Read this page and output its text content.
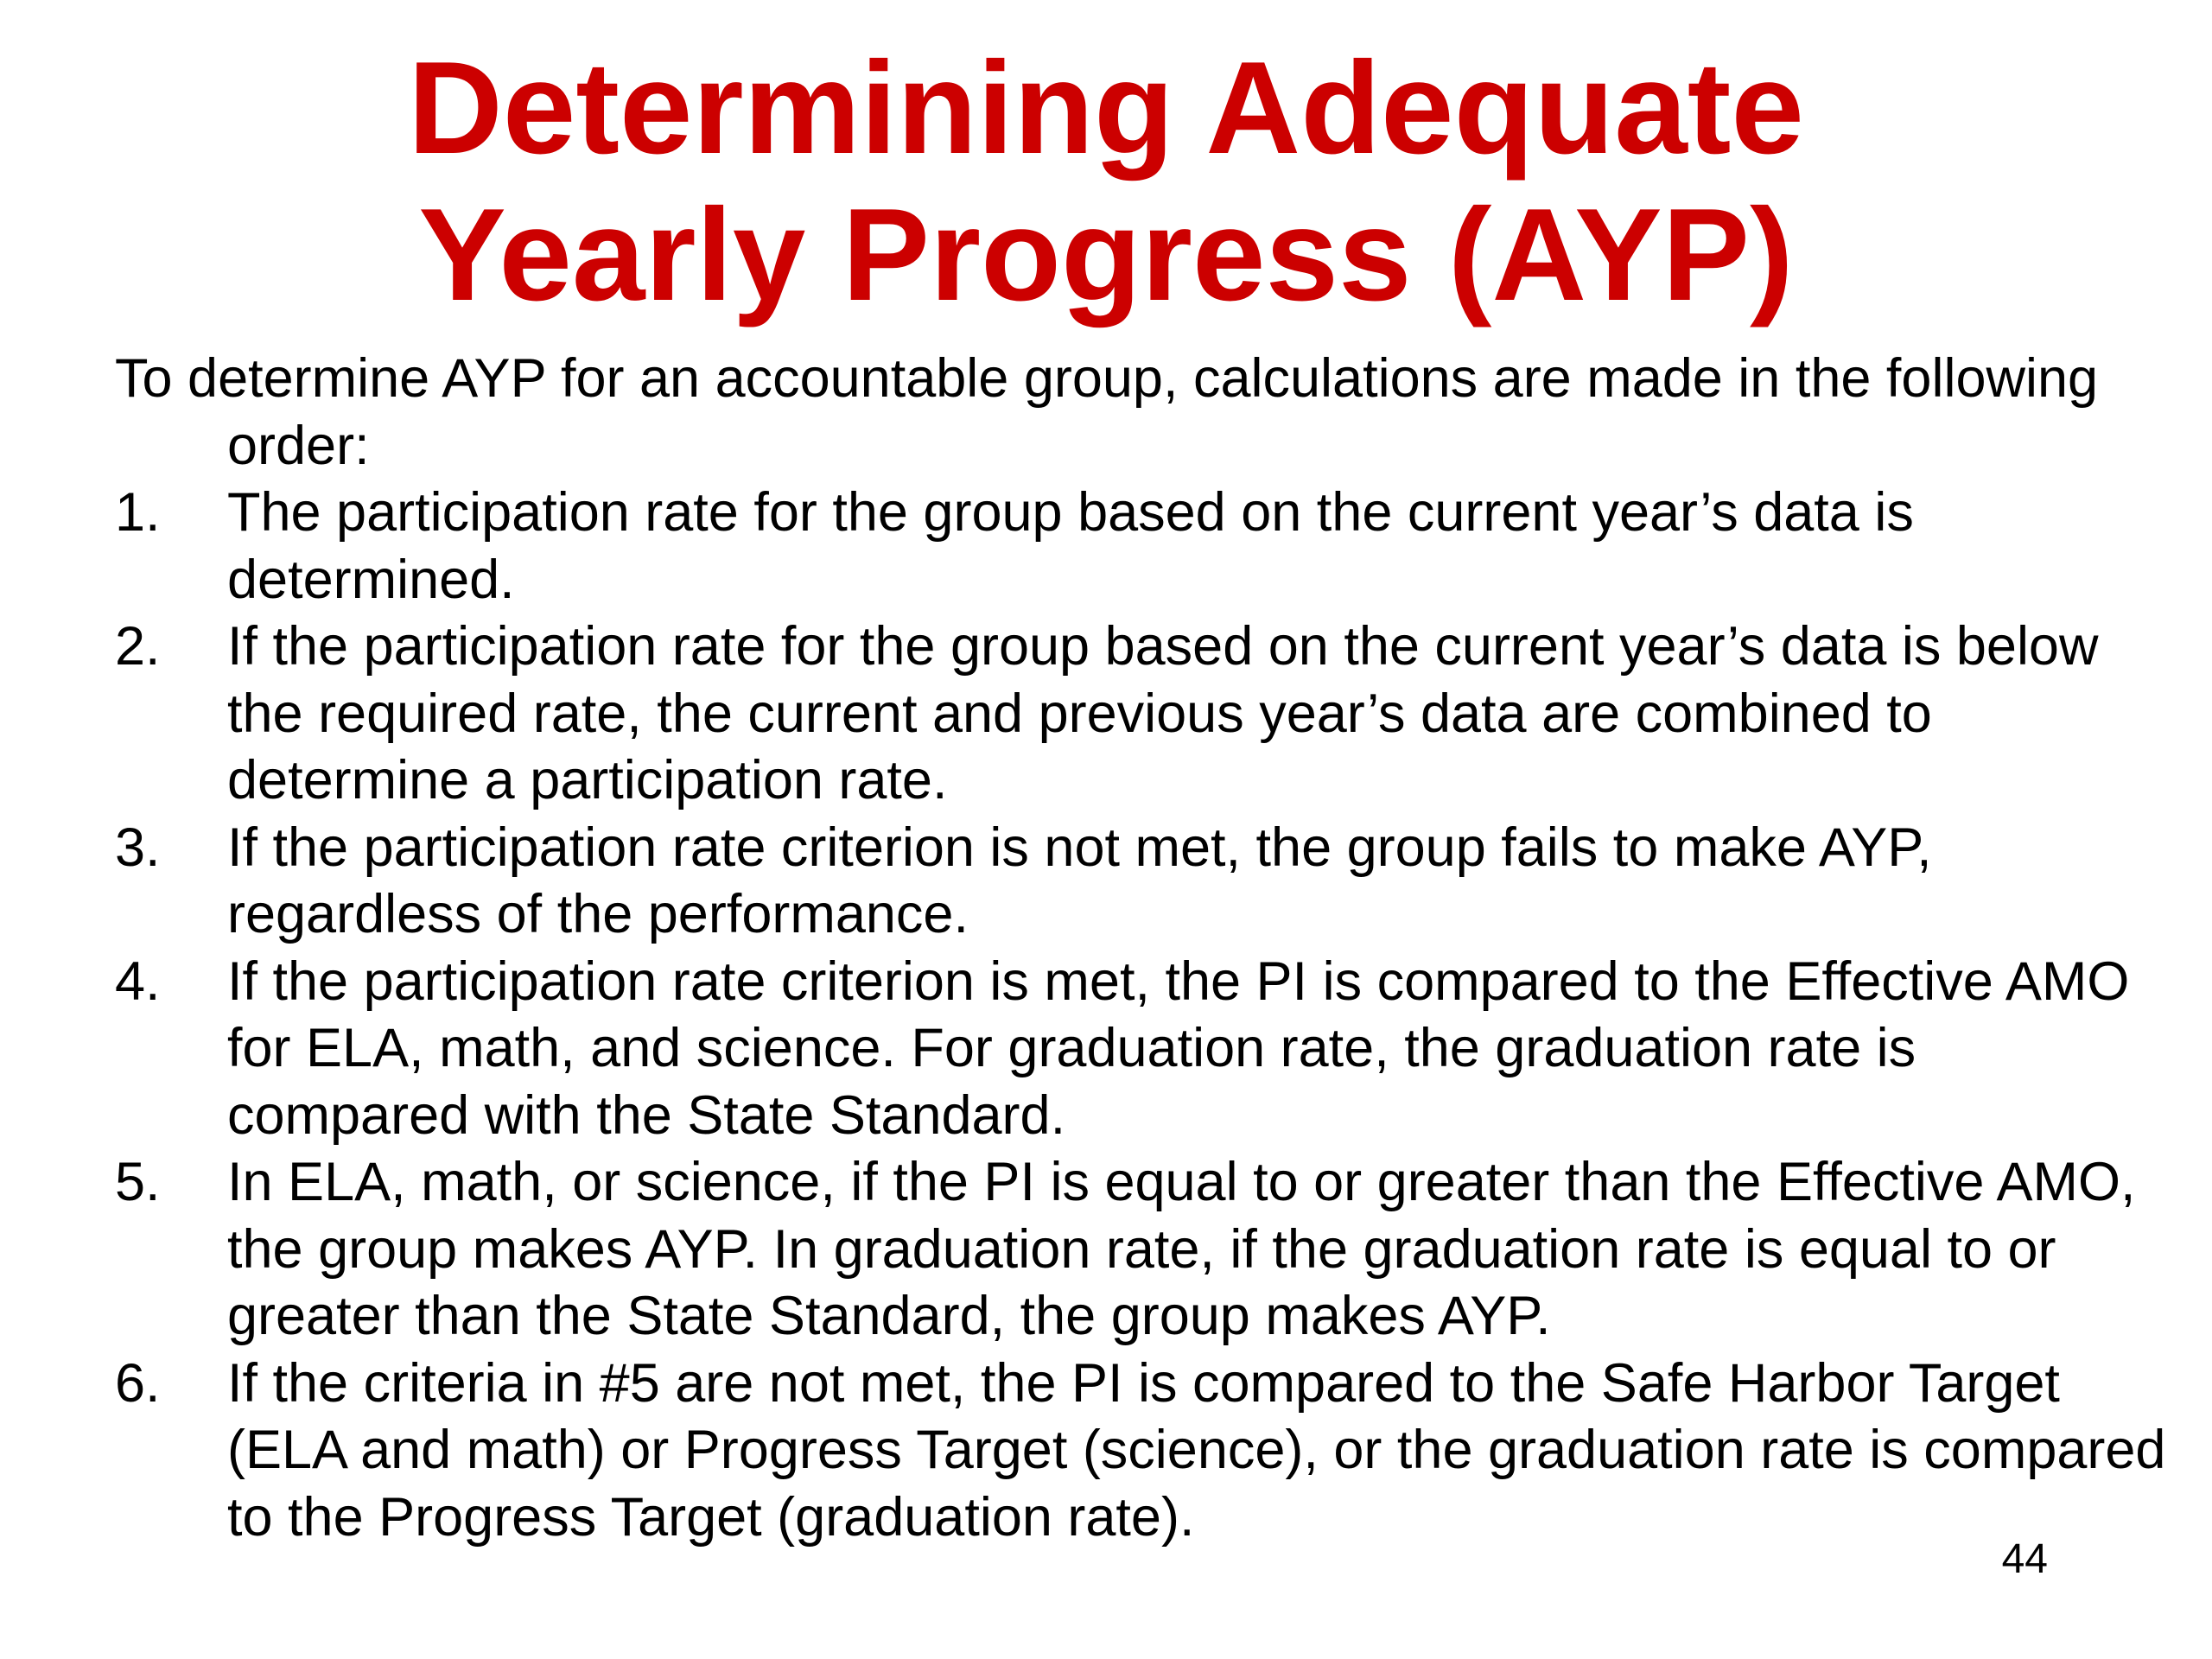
Determining Adequate
Yearly Progress (AYP)

To determine AYP for an accountable group, calculations are made in the following order:

1. The participation rate for the group based on the current year’s data is determined.
2. If the participation rate for the group based on the current year’s data is below the required rate, the current and previous year’s data are combined to determine a participation rate.
3. If the participation rate criterion is not met, the group fails to make AYP, regardless of the performance.
4. If the participation rate criterion is met, the PI is compared to the Effective AMO for ELA, math, and science. For graduation rate, the graduation rate is compared with the State Standard.
5. In ELA, math, or science, if the PI is equal to or greater than the Effective AMO, the group makes AYP. In graduation rate, if the graduation rate is equal to or greater than the State Standard, the group makes AYP.
6. If the criteria in #5 are not met, the PI is compared to the Safe Harbor Target (ELA and math) or Progress Target (science), or the graduation rate is compared to the Progress Target (graduation rate).
44
